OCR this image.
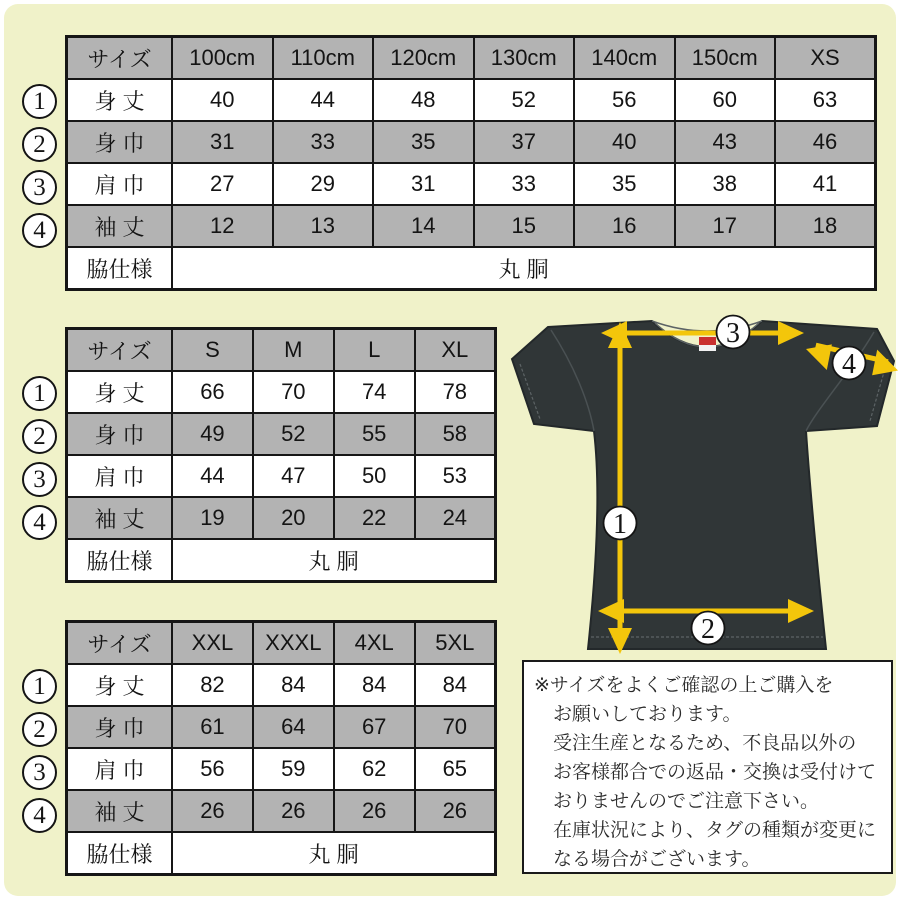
サイズ	100cm	110cm	120cm	130cm	140cm	150cm	XS
身 丈	40	44	48	52	56	60	63
身 巾	31	33	35	37	40	43	46
肩 巾	27	29	31	33	35	38	41
袖 丈	12	13	14	15	16	17	18
脇仕様	丸 胴						
サイズ	S	M	L	XL
身 丈	66	70	74	78
身 巾	49	52	55	58
肩 巾	44	47	50	53
袖 丈	19	20	22	24
脇仕様	丸 胴			
サイズ	XXL	XXXL	4XL	5XL
身 丈	82	84	84	84
身 巾	61	64	67	70
肩 巾	56	59	62	65
袖 丈	26	26	26	26
脇仕様	丸 胴			
1
2
3
4
1
2
3
4
1
2
3
4
3
4
1
2
※サイズをよくご確認の上ご購入を
お願いしております。
受注生産となるため、不良品以外の
お客様都合での返品・交換は受付けて
おりませんのでご注意下さい。
在庫状況により、タグの種類が変更に
なる場合がございます。
